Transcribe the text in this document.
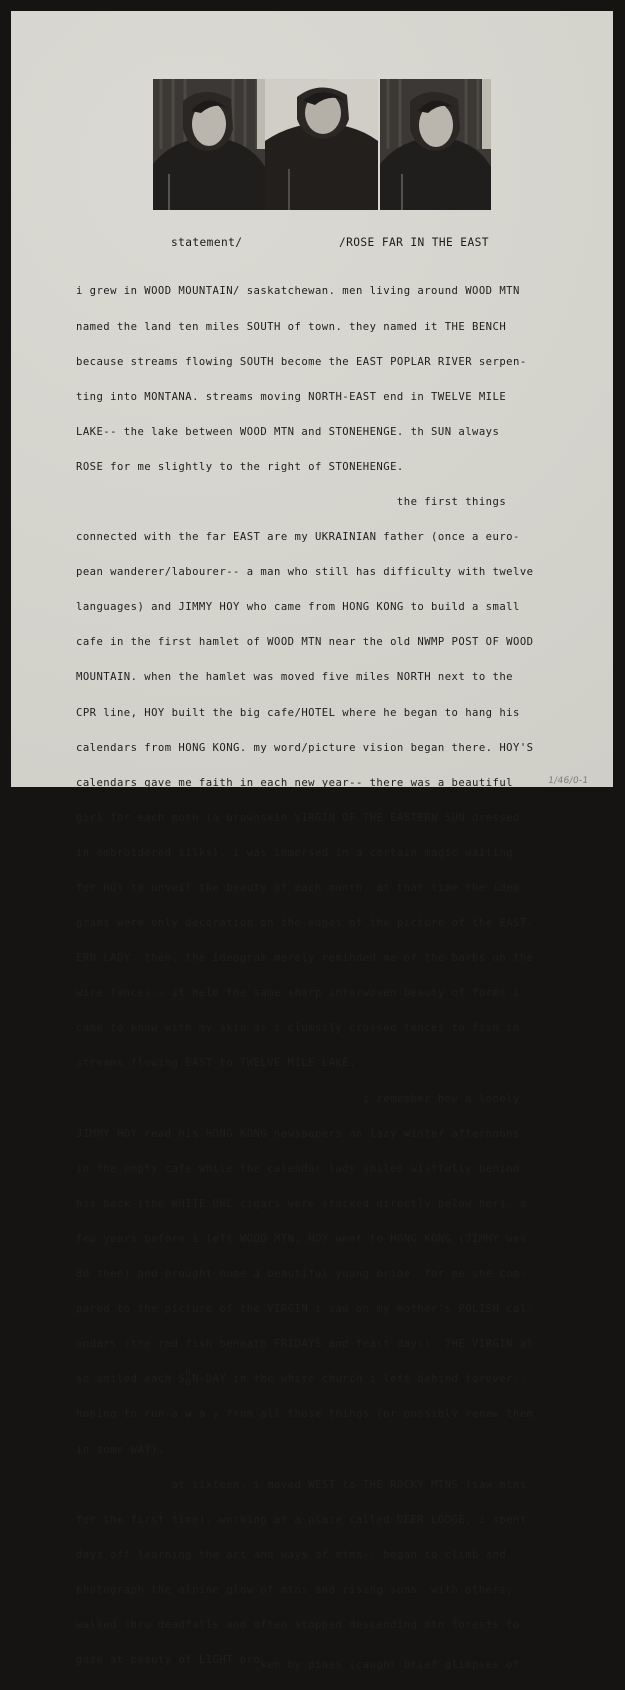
statement/	/ROSE FAR IN THE EAST

i grew in WOOD MOUNTAIN/ saskatchewan. men living around WOOD MTN

named the land ten miles SOUTH of town. they named it THE BENCH

because streams flowing SOUTH become the EAST POPLAR RIVER serpen-

ting into MONTANA. streams moving NORTH-EAST end in TWELVE MILE

LAKE-- the lake between WOOD MTN and STONEHENGE. th SUN always

ROSE for me slightly to the right of STONEHENGE.

the first things

connected with the far EAST are my UKRAINIAN father (once a euro-

pean wanderer/labourer-- a man who still has difficulty with twelve

languages) and JIMMY HOY who came from HONG KONG to build a small

cafe in the first hamlet of WOOD MTN near the old NWMP POST OF WOOD

MOUNTAIN. when the hamlet was moved five miles NORTH next to the

CPR line, HOY built the big cafe/HOTEL where he began to hang his

calendars from HONG KONG. my word/picture vision began there. HOY'S

calendars gave me faith in each new year-- there was a beautiful

girl for each moth (a brownskin VIRGIN OF THE EASTERN SUN dressed

in embroidered silks). i was immersed in a certain magic waiting

for HOY to unveil the beauty of each month. at that time the ideo-

grams were only decoration on the edges of the picture of the EAST-

ERN LADY. then, the ideogram merely reminded me of the barbs on the

wire fences-- it held the same sharp interwoven beauty of forms i

came to know with my skin as i clumsily crossed fences to fish in

streams flowing EAST to TWELVE MILE LAKE.

i remember how a lonely

JIMMY HOY read his HONG KONG newspapers on lazy winter afternoons

in the empty cafe while the calendar lady smiled wistfully behind

his back (the WHITE OWL cigars were stacked directly below her). a

few years before i left WOOD MTN, HOY went to HONG KONG (JIMMY was

80 then) and brought home a beautiful young bride. for me she com-

pared to the picture of the VIRGIN i saw on my mother's POLISH cal-

endars (the red fish beneath FRIDAYS and feast days). THE VIRGIN al-

so smiled each S  U
O N-DAY in the white church i left behind forever--

hoping to run a w a y from all those things (or possibly renew them

in some WAY).

at sixteen, i moved WEST to THE ROCKY MTNS (saw mtns

for the first time). working at a place called DEER LODGE, i spent

days off learning the art and ways of mtns-- began to climb and

photograph the alpine glow of mtns and rising suns. with others,

walked thru deadfalls and often stopped descending mtn forests to

gaze at beauty of LIGHT broken by pines (caught brief glimpses of

1/46/0-1
